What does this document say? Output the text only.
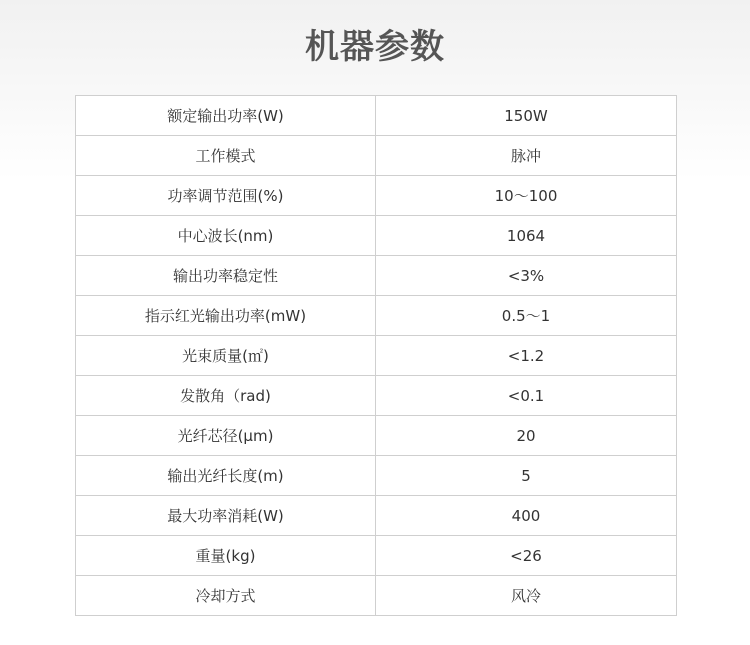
机器参数
额定输出功率(W)	150W
工作模式	脉冲
功率调节范围(%)	10～100
中心波长(nm)	1064
输出功率稳定性	<3%
指示红光输出功率(mW)	0.5～1
光束质量(㎡)	<1.2
发散角（rad)	<0.1
光纤芯径(μm)	20
输出光纤长度(m)	5
最大功率消耗(W)	400
重量(kg)	<26
冷却方式	风冷
